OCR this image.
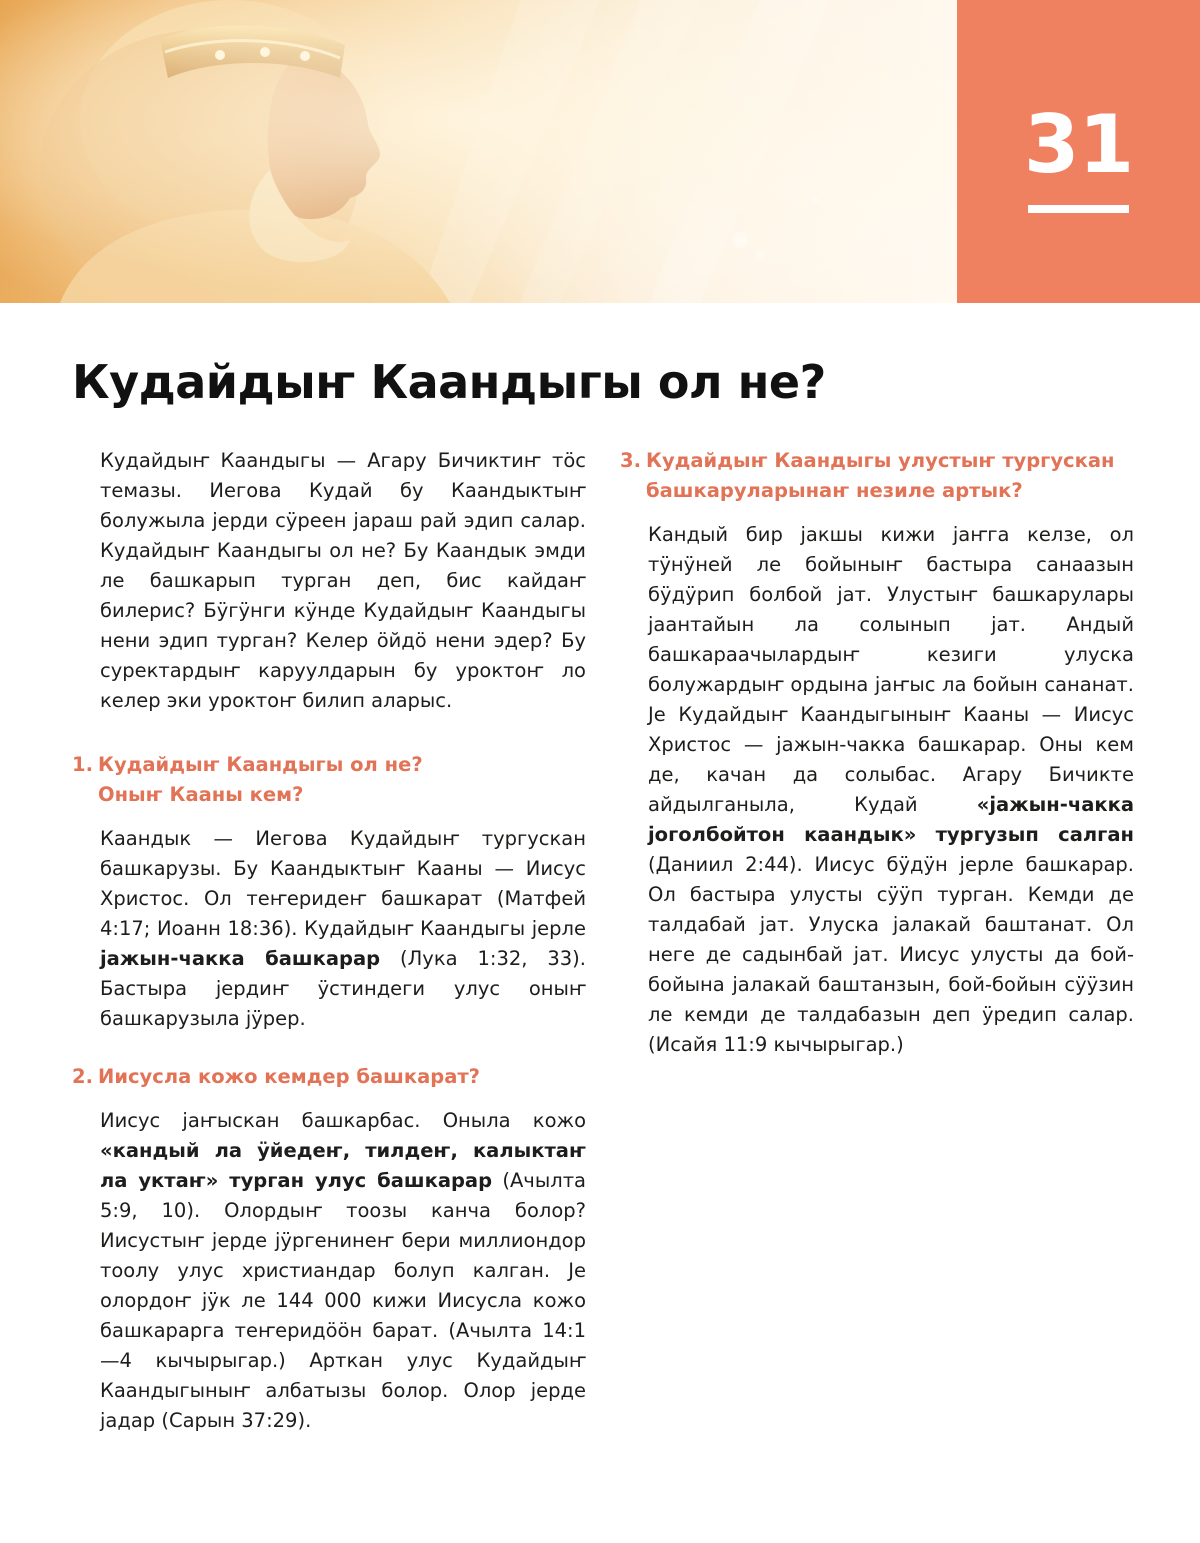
31
Кудайдыҥ Каандыгы ол не?

Кудайдыҥ Каандыгы — Агару Бичиктиҥ тӧс темазы. Иегова Кудай бу Каандыктыҥ болужыла јерди сӱреен јараш рай эдип салар. Кудайдыҥ Каандыгы ол не? Бу Каандык эмди ле башкарып турган деп, бис кайдаҥ билерис? Бӱгӱнги кӱнде Кудайдыҥ Каандыгы нени эдип турган? Келер ӧйдӧ нени эдер? Бу суректардыҥ каруулдарын бу уроктоҥ ло келер эки уроктоҥ билип аларыс.

1. Кудайдыҥ Каандыгы ол не? Оныҥ Кааны кем?

Каандык — Иегова Кудайдыҥ тургускан башкарузы. Бу Каандыктыҥ Кааны — Иисус Христос. Ол теҥеридеҥ башкарат (Матфей 4:17; Иоанн 18:36). Кудайдыҥ Каандыгы јерле јажын-чакка башкарар (Лука 1:32, 33). Бастыра јердиҥ ӱстиндеги улус оныҥ башкарузыла јӱрер.

2. Иисусла кожо кемдер башкарат?

Иисус јаҥыскан башкарбас. Оныла кожо «кандый ла ӱйедеҥ, тилдеҥ, калыктаҥ ла уктаҥ» турган улус башкарар (Ачылта 5:9, 10). Олордыҥ тоозы канча болор? Иисустыҥ јерде јӱргенинеҥ бери миллиондор тоолу улус христиандар болуп калган. Је олордоҥ јӱк ле 144 000 кижи Иисусла кожо башкараргa теҥеридӧӧн барат. (Ачылта 14:1—4 кычырыгар.) Арткан улус Кудайдыҥ Каандыгыныҥ албатызы болор. Олор јерде јадар (Сарын 37:29).

3. Кудайдыҥ Каандыгы улустыҥ тургускан башкаруларынаҥ незиле артык?

Кандый бир јакшы кижи јаҥга келзе, ол тӱнӱней ле бойыныҥ бастыра санаазын бӱдӱрип болбой јат. Улустыҥ башкарулары јаантайын ла солынып јат. Андый башкараачылардыҥ кезиги улуска болужардыҥ ордына јаҥыс ла бойын сананат. Је Кудайдыҥ Каандыгыныҥ Кааны — Иисус Христос — јажын-чакка башкарар. Оны кем де, качан да солыбас. Агару Бичикте айдылганыла, Кудай «јажын-чакка јоголбойтон каандык» тургузып салган (Даниил 2:44). Иисус бӱдӱн јерле башкарар. Ол бастыра улусты сӱӱп турган. Кемди де талдабай јат. Улуска јалакай баштанат. Ол неге де садынбай јат. Иисус улусты да бой-бойына јалакай баштанзын, бой-бойын сӱӱзин ле кемди де талдабазын деп ӱредип салар. (Исайя 11:9 кычырыгар.)
